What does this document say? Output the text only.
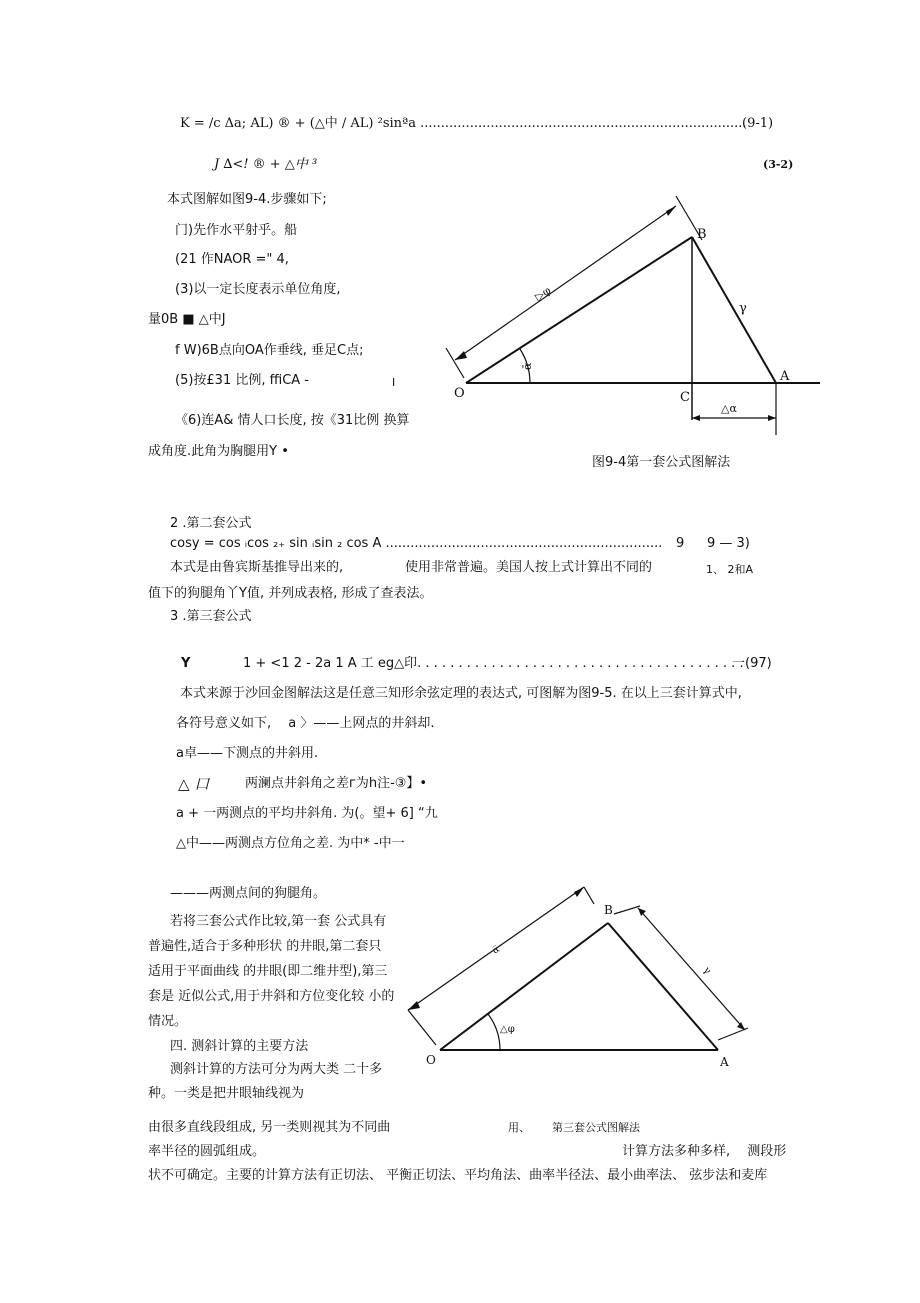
K = /c Δa; AL) ® + (△中 / AL) ²sinªa ...............................................................................
(9-1)
J ∆<! ® + △中 ³	(3-2)
本式图解如图9-4.步骤如下;
门)先作水平射乎。船
(21 作NAOR =" 4,
(3)以一定长度表示单位角度,
量0B ■ △中J
f W)6B点向OA作垂线, 垂足C点;
(5)按£31 比例, ffiCA -	I
《6)连A& 情人口长度, 按《31比例 换算
成角度.此角为胸腿用Y •
O
A
B
C
γ
▷φ
ᾱ
△α
图9-4第一套公式图解法
2 .第二套公式
cosy = cos ᵢcos ₂₊ sin ᵢsin ₂ cos A ................................................................... 9 9 — 3)
本式是由鲁宾斯基推导出来的,	使用非常普遍。美国人按上式计算出不同的	1、 2和A
值下的狗腿角丫Y值, 并列成表格, 形成了查表法。
3 .第三套公式
Y	1 + <1 2 - 2a 1 A 工 eg△印. . . . . . . . . . . . . . . . . . . . . . . . . . . . . . . . . . . . . . . .
一(97)
本式来源于沙回金图解法这是任意三知形余弦定理的表达式, 可图解为图9-5. 在以上三套计算式中,
各符号意义如下, 　a 〉——上网点的井斜却.
a卓——下测点的井斜用.
△ 口	两澜点井斜角之差г为h注-③】•
a + 一两测点的平均井斜角. 为(。望+ 6] “九
△中——两测点方位角之差. 为中* -中一
———两测点间的狗腿角。
若将三套公式作比较,第一套 公式具有
普遍性,适合于多种形状 的井眼,第二套只
适用于平面曲线 的井眼(即二维井型),第三
套是 近似公式,用于井斜和方位变化较 小的
情况。
四. 测斜计算的主要方法
测斜计算的方法可分为两大类 二十多
种。一类是把井眼轴线视为
由很多直线段组成, 另一类则视其为不同曲
率半径的圆弧组成。	计算方法多种多样, 　测段形
状不可确定。主要的计算方法有正切法、 平衡正切法、平均角法、曲率半径法、最小曲率法、 弦步法和麦库
O	A
B
γ
α̅
△φ
用、 第三套公式图解法
